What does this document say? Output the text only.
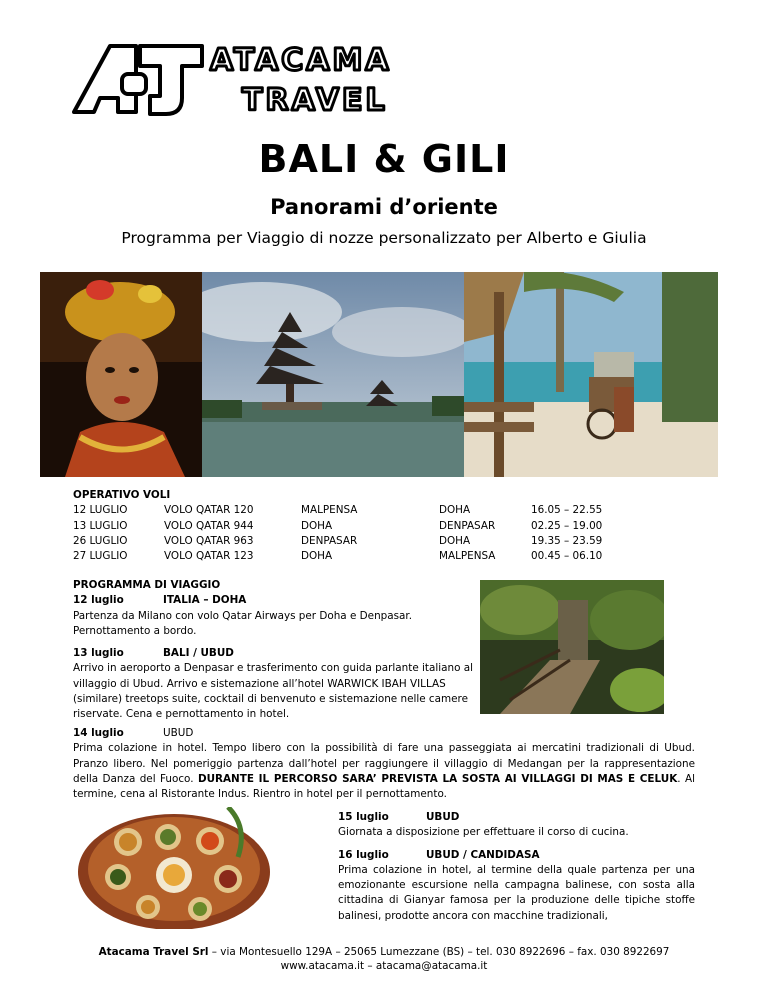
ATACAMA
TRAVEL
BALI & GILI
Panorami d’oriente
Programma per Viaggio di nozze personalizzato per Alberto e Giulia
OPERATIVO VOLI
12 LUGLIO	VOLO QATAR 120	MALPENSA	DOHA	16.05 – 22.55
13 LUGLIO	VOLO QATAR 944	DOHA	DENPASAR	02.25 – 19.00
26 LUGLIO	VOLO QATAR 963	DENPASAR	DOHA	19.35 – 23.59
27 LUGLIO	VOLO QATAR 123	DOHA	MALPENSA	00.45 – 06.10
PROGRAMMA DI VIAGGIO
12 luglio	ITALIA – DOHA
Partenza da Milano con volo Qatar Airways per Doha e Denpasar. Pernottamento a bordo.
13 luglio	BALI / UBUD
Arrivo in aeroporto a Denpasar e trasferimento con guida parlante italiano al villaggio di Ubud. Arrivo e sistemazione all’hotel WARWICK IBAH VILLAS (similare) treetops suite, cocktail di benvenuto e sistemazione nelle camere riservate. Cena e pernottamento in hotel.
14 luglio	UBUD
Prima colazione in hotel. Tempo libero con la possibilità di fare una passeggiata ai mercatini tradizionali di Ubud. Pranzo libero. Nel pomeriggio partenza dall’hotel per raggiungere il villaggio di Medangan per la rappresentazione della Danza del Fuoco. DURANTE IL PERCORSO SARA’ PREVISTA LA SOSTA AI VILLAGGI DI MAS E CELUK. Al termine, cena al Ristorante Indus. Rientro in hotel per il pernottamento.
15 luglio	UBUD
Giornata a disposizione per effettuare il corso di cucina.
16 luglio	UBUD / CANDIDASA
Prima colazione in hotel, al termine della quale partenza per una emozionante escursione nella campagna balinese, con sosta alla cittadina di Gianyar famosa per la produzione delle tipiche stoffe balinesi, prodotte ancora con macchine tradizionali,
Atacama Travel Srl – via Montesuello 129A – 25065 Lumezzane (BS) – tel. 030 8922696 – fax. 030 8922697
www.atacama.it – atacama@atacama.it
